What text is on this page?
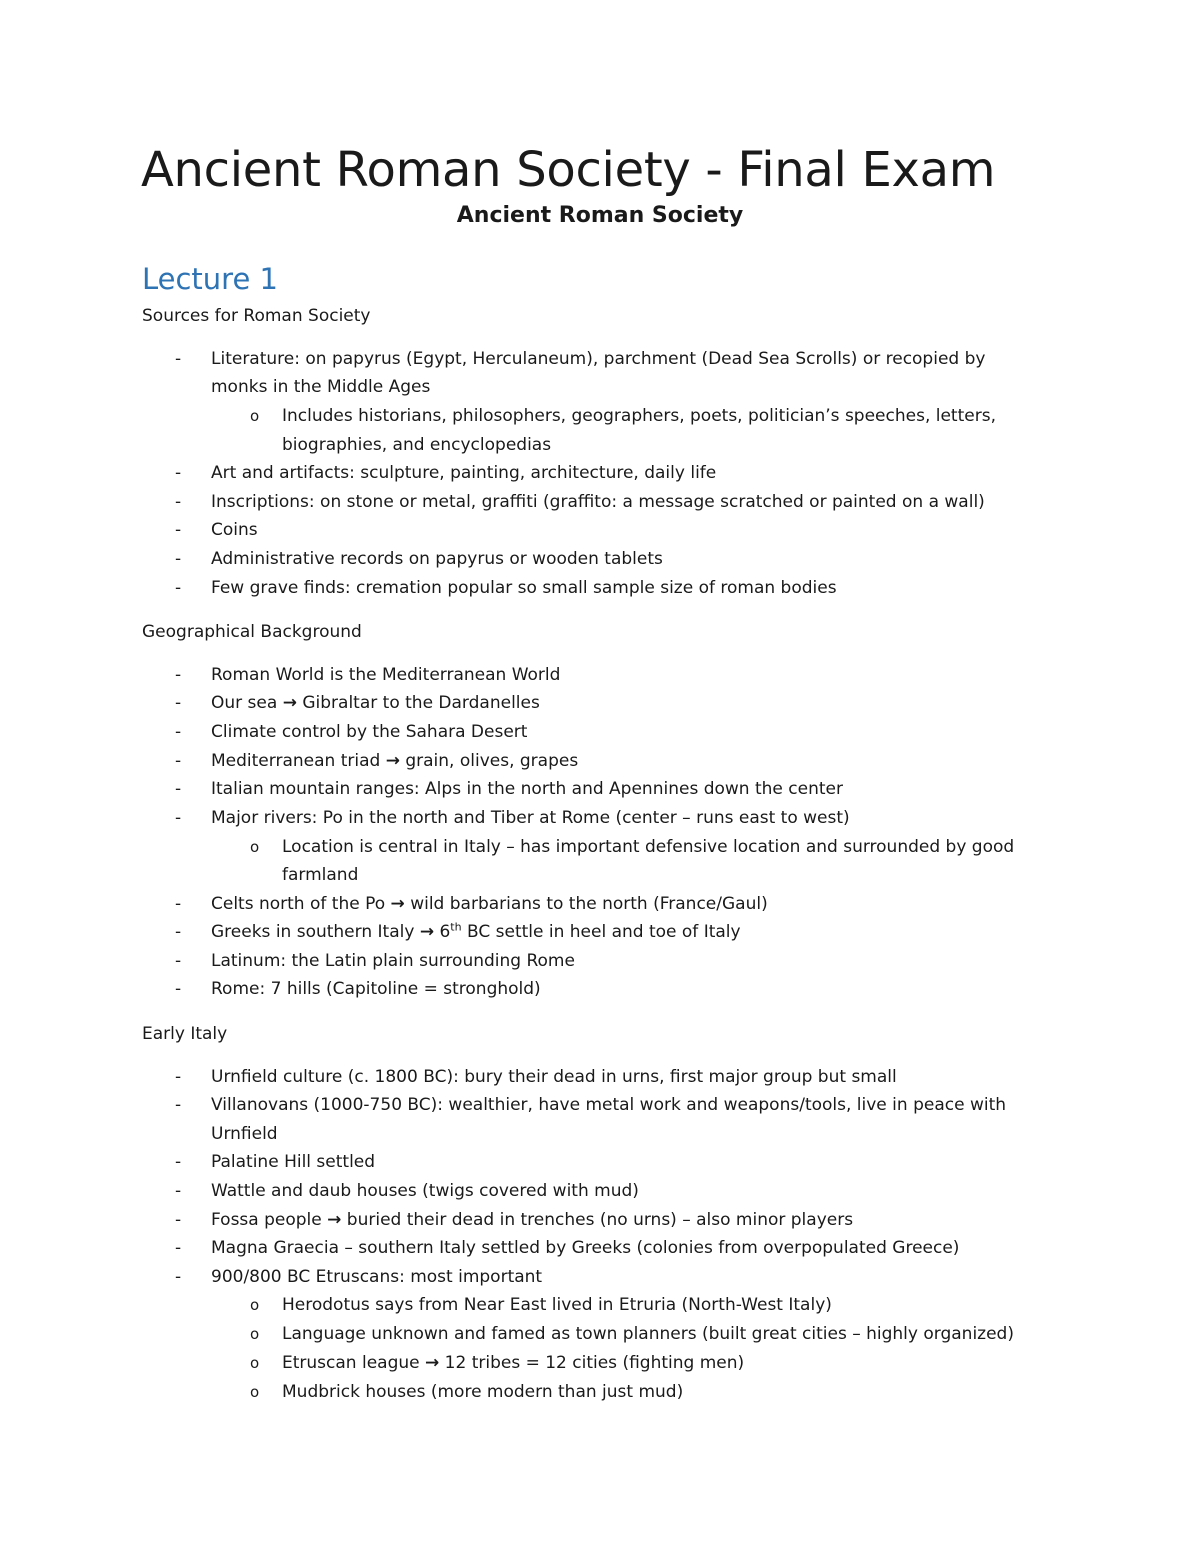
Ancient Roman Society - Final Exam
Ancient Roman Society
Lecture 1
Sources for Roman Society
- Literature: on papyrus (Egypt, Herculaneum), parchment (Dead Sea Scrolls) or recopied by
monks in the Middle Ages
o Includes historians, philosophers, geographers, poets, politician’s speeches, letters,
biographies, and encyclopedias
- Art and artifacts: sculpture, painting, architecture, daily life
- Inscriptions: on stone or metal, graffiti (graffito: a message scratched or painted on a wall)
- Coins
- Administrative records on papyrus or wooden tablets
- Few grave finds: cremation popular so small sample size of roman bodies
Geographical Background
- Roman World is the Mediterranean World
- Our sea → Gibraltar to the Dardanelles
- Climate control by the Sahara Desert
- Mediterranean triad → grain, olives, grapes
- Italian mountain ranges: Alps in the north and Apennines down the center
- Major rivers: Po in the north and Tiber at Rome (center – runs east to west)
o Location is central in Italy – has important defensive location and surrounded by good
farmland
- Celts north of the Po → wild barbarians to the north (France/Gaul)
- Greeks in southern Italy → 6th BC settle in heel and toe of Italy
- Latinum: the Latin plain surrounding Rome
- Rome: 7 hills (Capitoline = stronghold)
Early Italy
- Urnfield culture (c. 1800 BC): bury their dead in urns, first major group but small
- Villanovans (1000-750 BC): wealthier, have metal work and weapons/tools, live in peace with
Urnfield
- Palatine Hill settled
- Wattle and daub houses (twigs covered with mud)
- Fossa people → buried their dead in trenches (no urns) – also minor players
- Magna Graecia – southern Italy settled by Greeks (colonies from overpopulated Greece)
- 900/800 BC Etruscans: most important
o Herodotus says from Near East lived in Etruria (North-West Italy)
o Language unknown and famed as town planners (built great cities – highly organized)
o Etruscan league → 12 tribes = 12 cities (fighting men)
o Mudbrick houses (more modern than just mud)
